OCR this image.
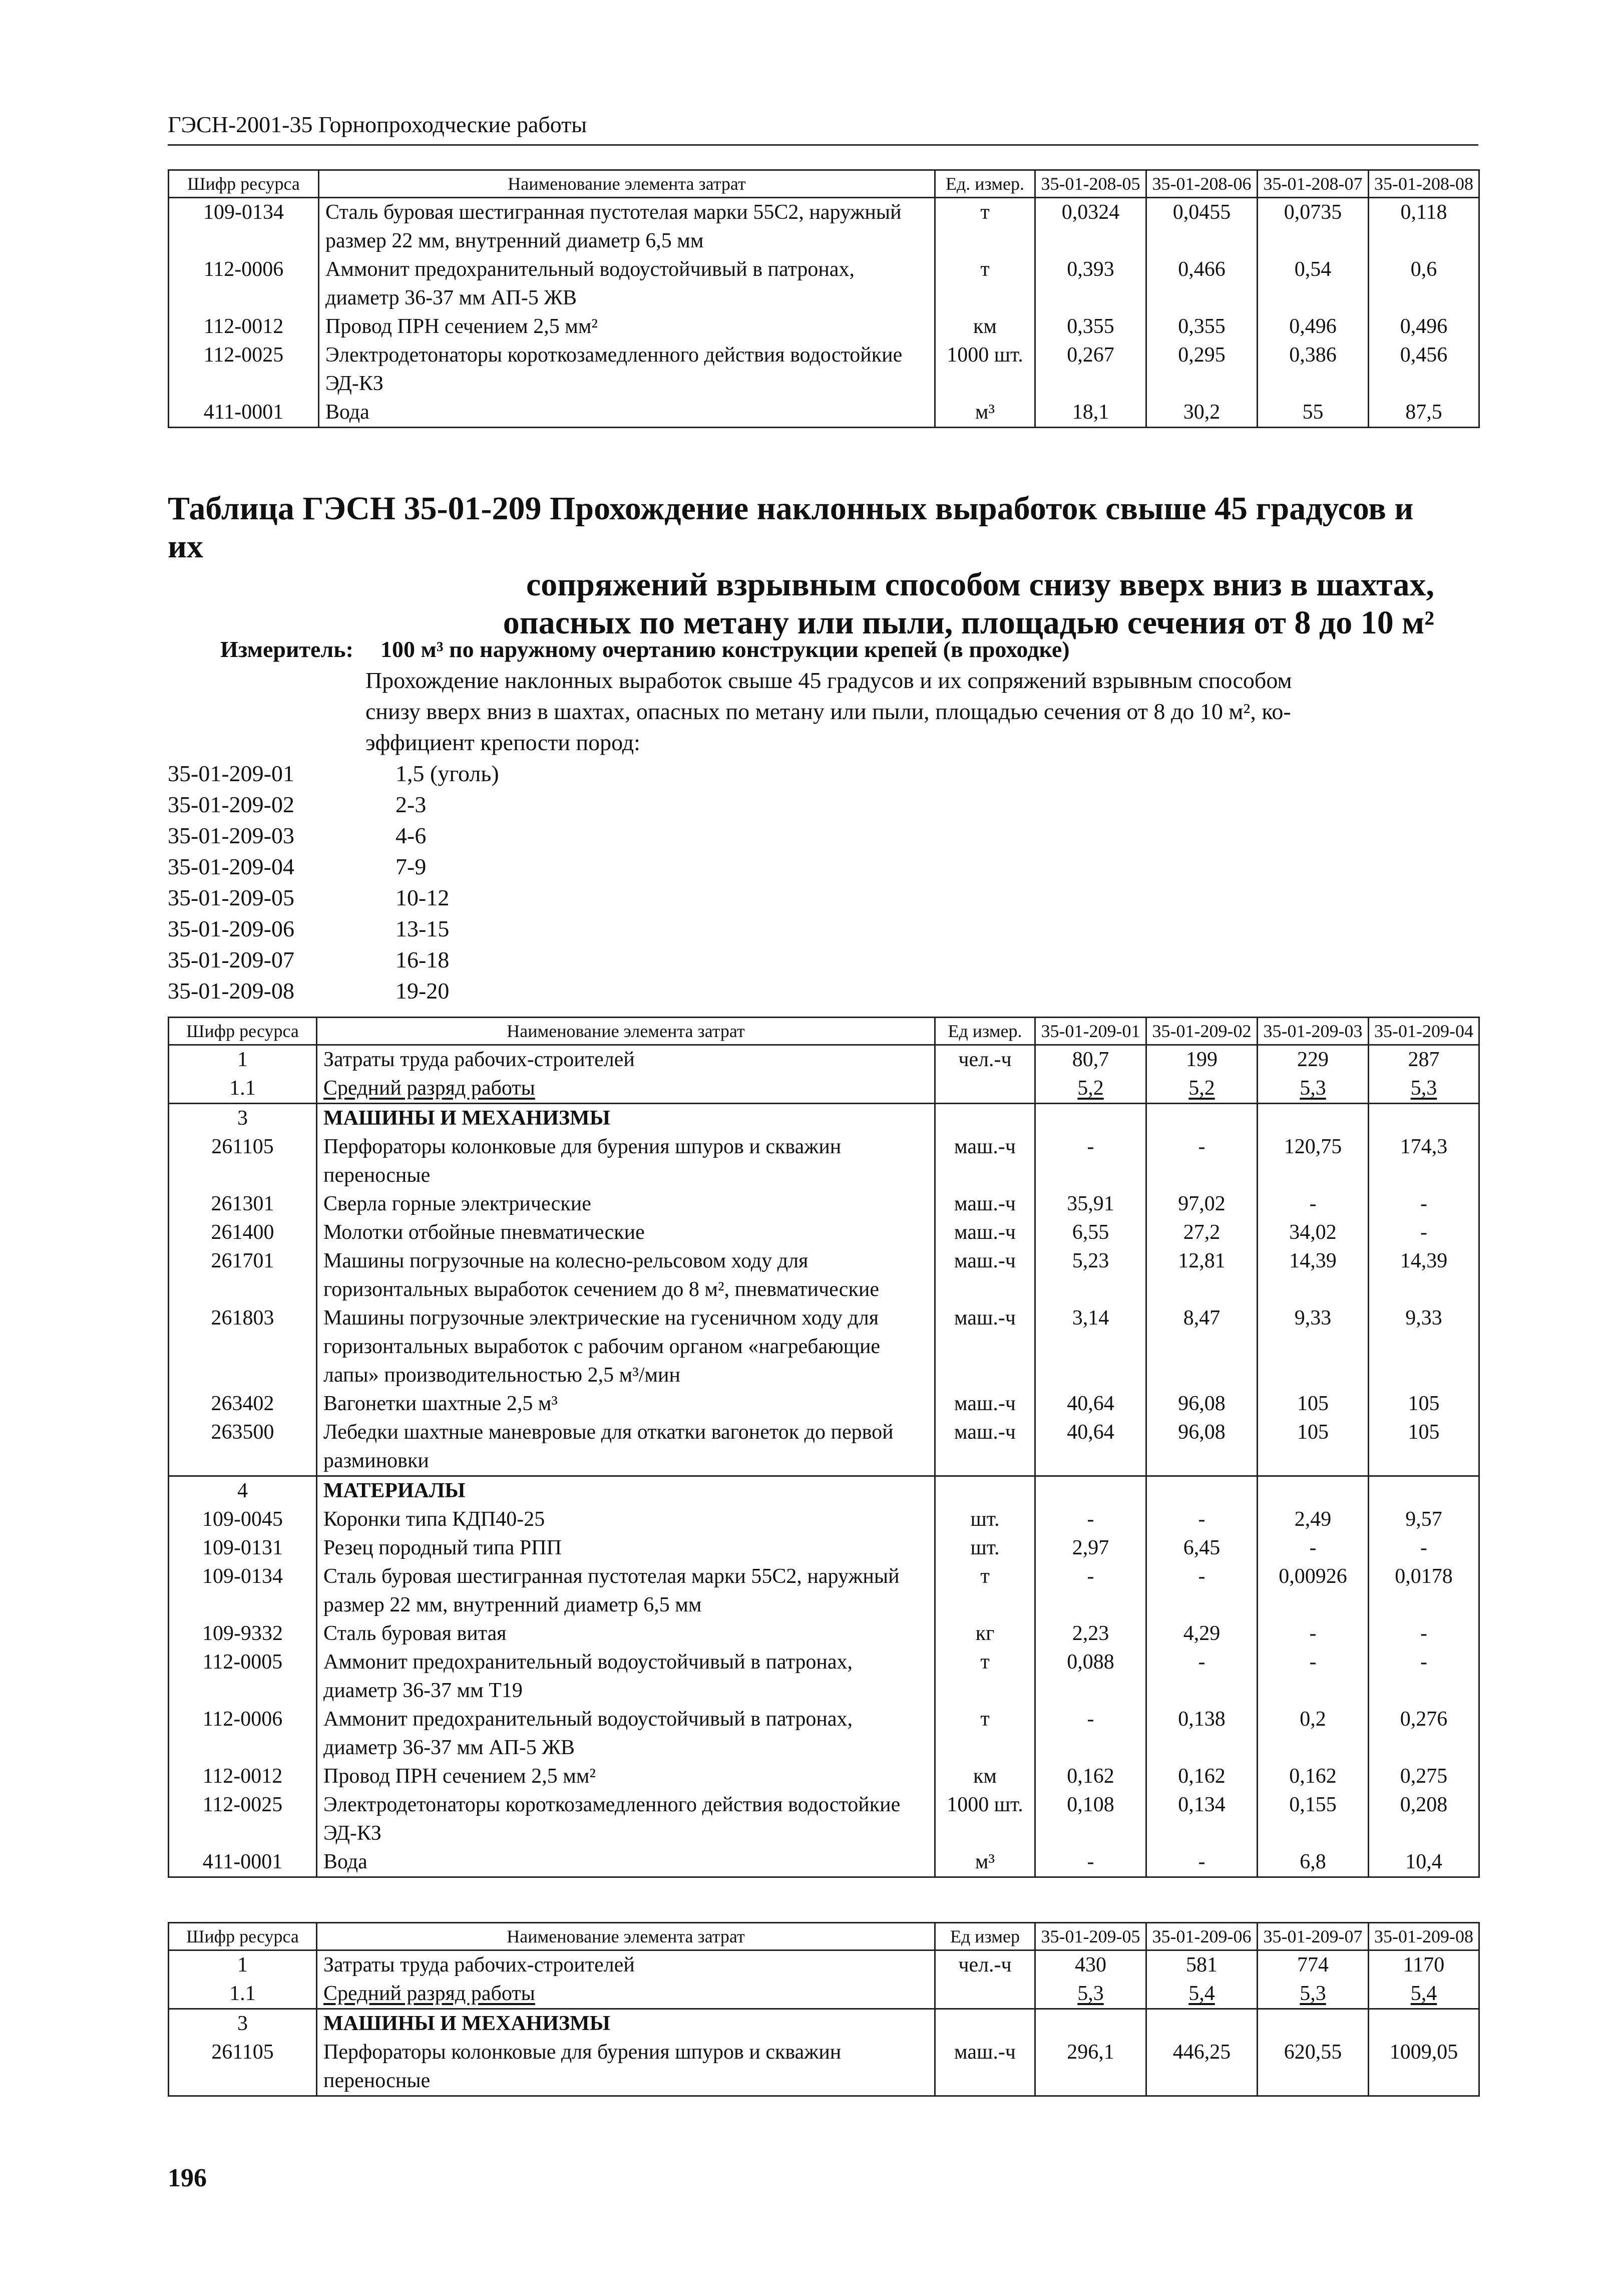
ГЭСН-2001-35 Горнопроходческие работы
Шифр ресурса	Наименование элемента затрат	Ед. измер.	35-01-208-05	35-01-208-06	35-01-208-07	35-01-208-08
109-0134	Сталь буровая шестигранная пустотелая марки 55С2, наружный размер 22 мм, внутренний диаметр 6,5 мм	т	0,0324	0,0455	0,0735	0,118
112-0006	Аммонит предохранительный водоустойчивый в патронах, диаметр 36-37 мм АП-5 ЖВ	т	0,393	0,466	0,54	0,6
112-0012	Провод ПРН сечением 2,5 мм²	км	0,355	0,355	0,496	0,496
112-0025	Электродетонаторы короткозамедленного действия водостойкие ЭД-КЗ	1000 шт.	0,267	0,295	0,386	0,456
411-0001	Вода	м³	18,1	30,2	55	87,5
Таблица ГЭСН 35-01-209 Прохождение наклонных выработок свыше 45 градусов и их
сопряжений взрывным способом снизу вверх вниз в шахтах,
опасных по метану или пыли, площадью сечения от 8 до 10 м²
Измеритель: 100 м³ по наружному очертанию конструкции крепей (в проходке)
Прохождение наклонных выработок свыше 45 градусов и их сопряжений взрывным способом
снизу вверх вниз в шахтах, опасных по метану или пыли, площадью сечения от 8 до 10 м², ко-
эффициент крепости пород:
35-01-209-01	1,5 (уголь)
35-01-209-02	2-3
35-01-209-03	4-6
35-01-209-04	7-9
35-01-209-05	10-12
35-01-209-06	13-15
35-01-209-07	16-18
35-01-209-08	19-20
Шифр ресурса	Наименование элемента затрат	Ед измер.	35-01-209-01	35-01-209-02	35-01-209-03	35-01-209-04
1	Затраты труда рабочих-строителей	чел.-ч	80,7	199	229	287
1.1	Средний разряд работы		5,2	5,2	5,3	5,3
3	МАШИНЫ И МЕХАНИЗМЫ					
261105	Перфораторы колонковые для бурения шпуров и скважин переносные	маш.-ч	-	-	120,75	174,3
261301	Сверла горные электрические	маш.-ч	35,91	97,02	-	-
261400	Молотки отбойные пневматические	маш.-ч	6,55	27,2	34,02	-
261701	Машины погрузочные на колесно-рельсовом ходу для горизонтальных выработок сечением до 8 м², пневматические	маш.-ч	5,23	12,81	14,39	14,39
261803	Машины погрузочные электрические на гусеничном ходу для горизонтальных выработок с рабочим органом «нагребающие лапы» производительностью 2,5 м³/мин	маш.-ч	3,14	8,47	9,33	9,33
263402	Вагонетки шахтные 2,5 м³	маш.-ч	40,64	96,08	105	105
263500	Лебедки шахтные маневровые для откатки вагонеток до первой разминовки	маш.-ч	40,64	96,08	105	105
4	МАТЕРИАЛЫ					
109-0045	Коронки типа КДП40-25	шт.	-	-	2,49	9,57
109-0131	Резец породный типа РПП	шт.	2,97	6,45	-	-
109-0134	Сталь буровая шестигранная пустотелая марки 55С2, наружный размер 22 мм, внутренний диаметр 6,5 мм	т	-	-	0,00926	0,0178
109-9332	Сталь буровая витая	кг	2,23	4,29	-	-
112-0005	Аммонит предохранительный водоустойчивый в патронах, диаметр 36-37 мм Т19	т	0,088	-	-	-
112-0006	Аммонит предохранительный водоустойчивый в патронах, диаметр 36-37 мм АП-5 ЖВ	т	-	0,138	0,2	0,276
112-0012	Провод ПРН сечением 2,5 мм²	км	0,162	0,162	0,162	0,275
112-0025	Электродетонаторы короткозамедленного действия водостойкие ЭД-КЗ	1000 шт.	0,108	0,134	0,155	0,208
411-0001	Вода	м³	-	-	6,8	10,4
Шифр ресурса	Наименование элемента затрат	Ед измер	35-01-209-05	35-01-209-06	35-01-209-07	35-01-209-08
1	Затраты труда рабочих-строителей	чел.-ч	430	581	774	1170
1.1	Средний разряд работы		5,3	5,4	5,3	5,4
3	МАШИНЫ И МЕХАНИЗМЫ					
261105	Перфораторы колонковые для бурения шпуров и скважин переносные	маш.-ч	296,1	446,25	620,55	1009,05
196
